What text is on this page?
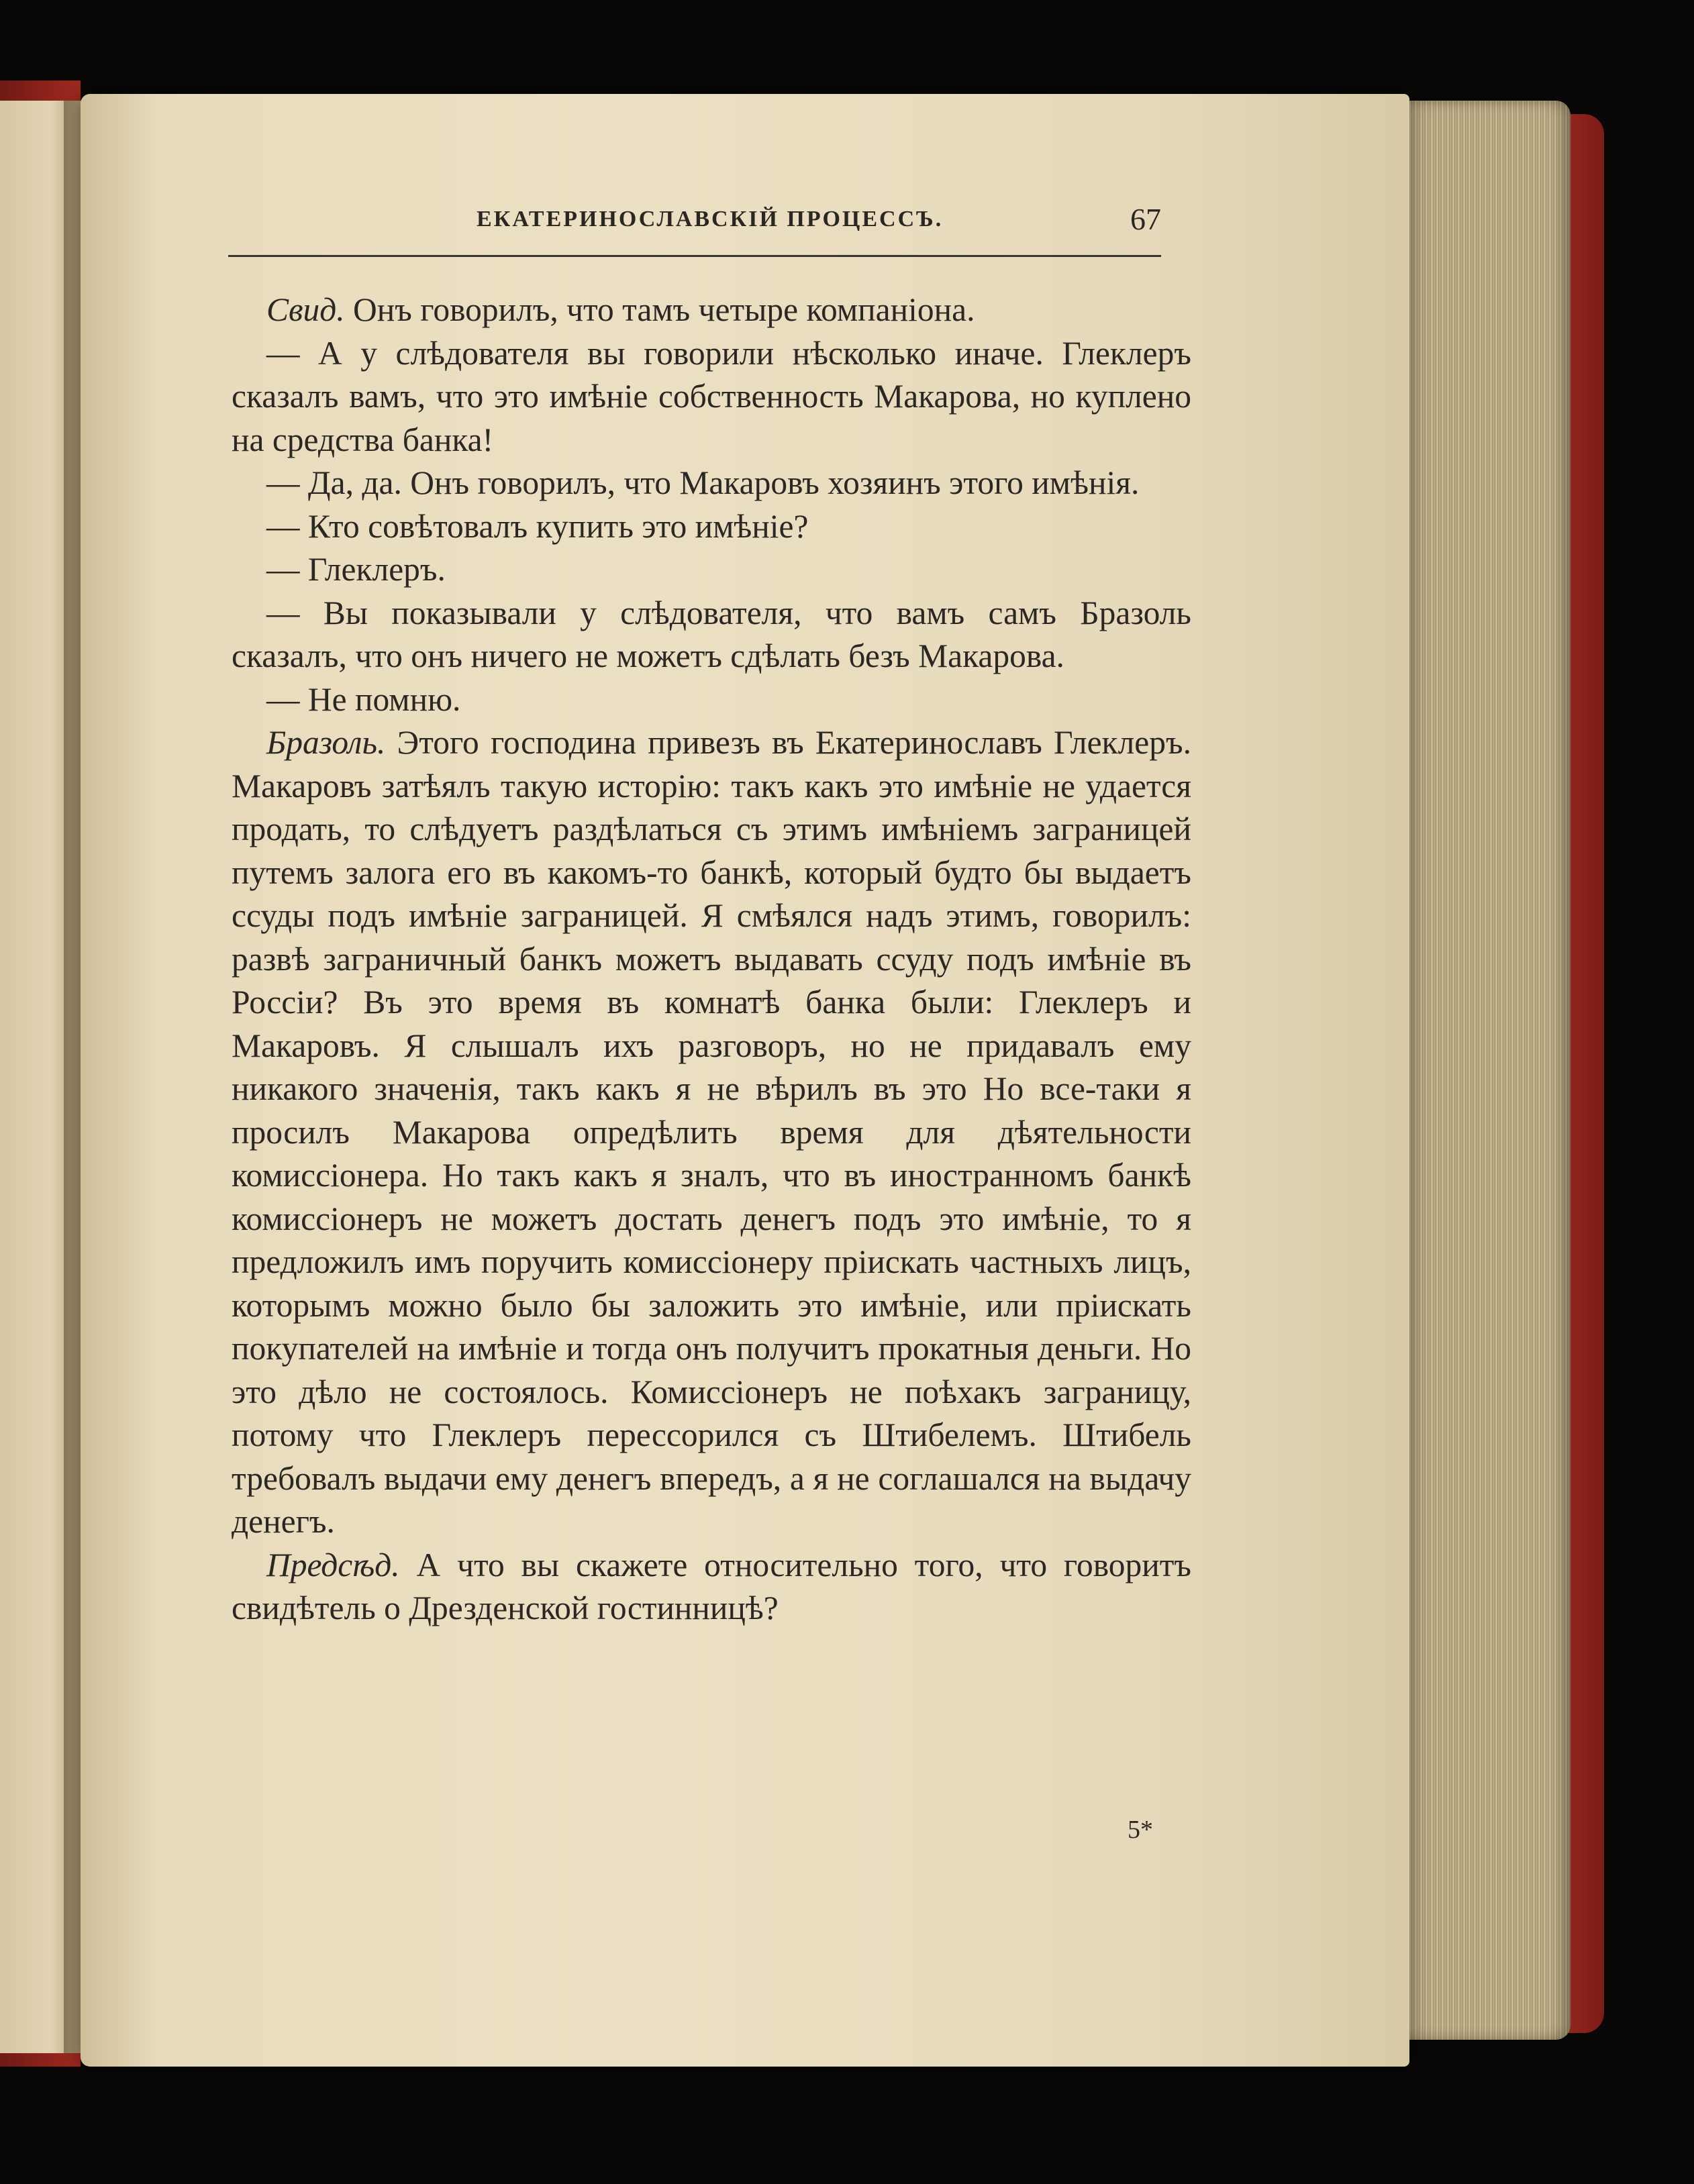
ЕКАТЕРИНОСЛАВСКІЙ ПРОЦЕССЪ.	67

Свид. Онъ говорилъ, что тамъ четыре компаніона.

— А у слѣдователя вы говорили нѣсколько иначе. Глеклеръ сказалъ вамъ, что это имѣніе собственность Макарова, но куплено на средства банка!

— Да, да. Онъ говорилъ, что Макаровъ хозяинъ этого имѣнія.

— Кто совѣтовалъ купить это имѣніе?

— Глеклеръ.

— Вы показывали у слѣдователя, что вамъ самъ Бразоль сказалъ, что онъ ничего не можетъ сдѣлать безъ Макарова.

— Не помню.

Бразоль. Этого господина привезъ въ Екатеринославъ Глеклеръ. Макаровъ затѣялъ такую исторію: такъ какъ это имѣніе не удается продать, то слѣдуетъ раздѣлаться съ этимъ имѣніемъ заграницей путемъ залога его въ какомъ-то банкѣ, который будто бы выдаетъ ссуды подъ имѣніе заграницей. Я смѣялся надъ этимъ, говорилъ: развѣ заграничный банкъ можетъ выдавать ссуду подъ имѣніе въ Россіи? Въ это время въ комнатѣ банка были: Глеклеръ и Макаровъ. Я слышалъ ихъ разговоръ, но не придавалъ ему никакого значенія, такъ какъ я не вѣрилъ въ это Но все-таки я просилъ Макарова опредѣлить время для дѣятельности комиссіонера. Но такъ какъ я зналъ, что въ иностранномъ банкѣ комиссіонеръ не можетъ достать денегъ подъ это имѣніе, то я предложилъ имъ поручить комиссіонеру пріискать частныхъ лицъ, которымъ можно было бы заложить это имѣніе, или пріискать покупателей на имѣніе и тогда онъ получитъ прокатныя деньги. Но это дѣло не состоялось. Комиссіонеръ не поѣхакъ заграницу, потому что Глеклеръ перессорился съ Штибелемъ. Штибель требовалъ выдачи ему денегъ впередъ, а я не соглашался на выдачу денегъ.

Предсѣд. А что вы скажете относительно того, что говоритъ свидѣтель о Дрезденской гостинницѣ?

5*
